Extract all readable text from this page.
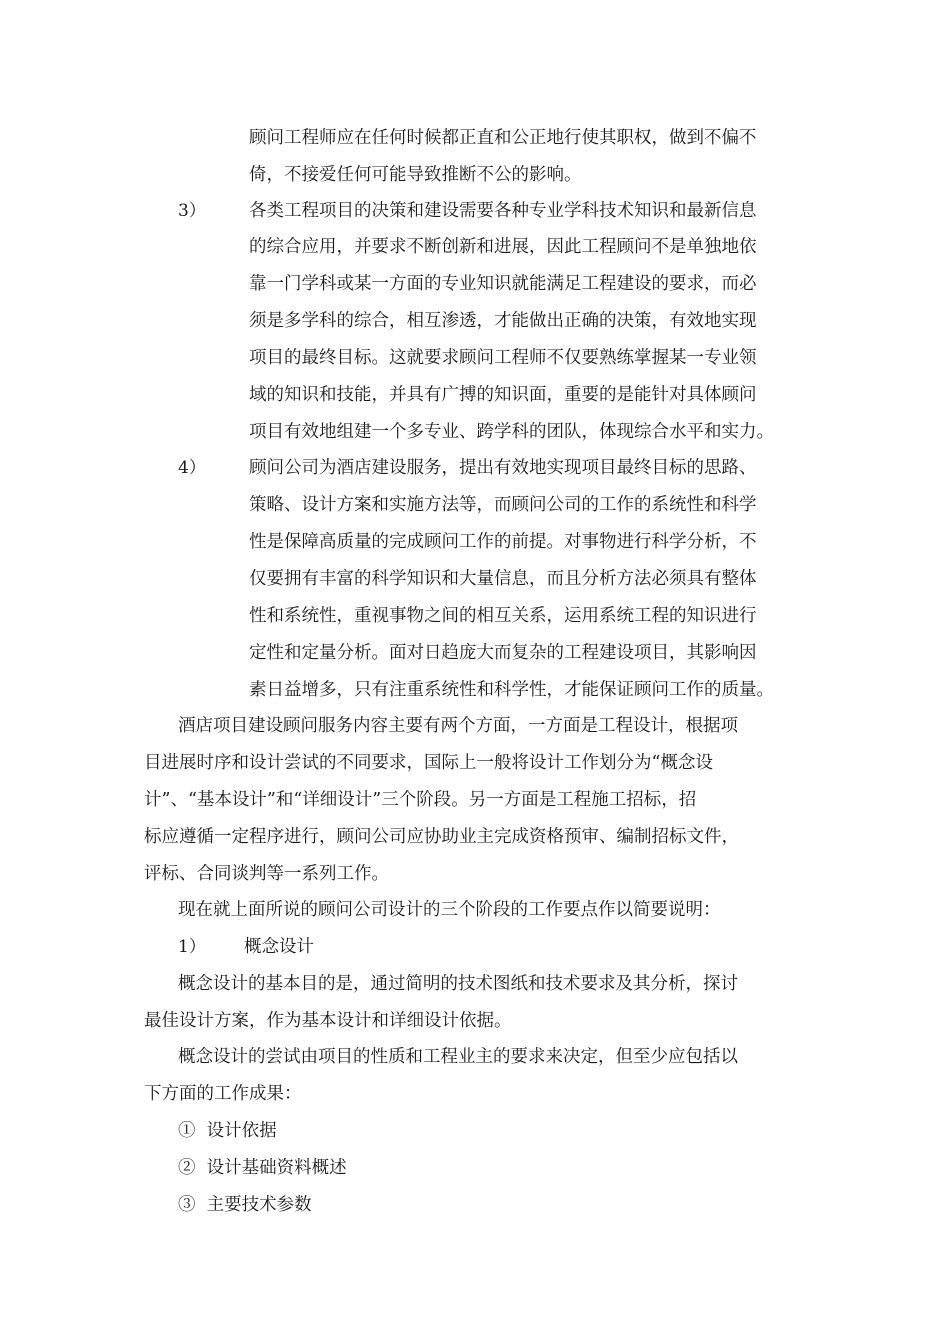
顾问工程师应在任何时候都正直和公正地行使其职权，做到不偏不
倚，不接爱任何可能导致推断不公的影响。
3） 各类工程项目的决策和建设需要各种专业学科技术知识和最新信息
的综合应用，并要求不断创新和进展，因此工程顾问不是单独地依
靠一门学科或某一方面的专业知识就能满足工程建设的要求，而必
须是多学科的综合，相互渗透，才能做出正确的决策，有效地实现
项目的最终目标。这就要求顾问工程师不仅要熟练掌握某一专业领
域的知识和技能，并具有广搏的知识面，重要的是能针对具体顾问
项目有效地组建一个多专业、跨学科的团队，体现综合水平和实力。
4） 顾问公司为酒店建设服务，提出有效地实现项目最终目标的思路、
策略、设计方案和实施方法等，而顾问公司的工作的系统性和科学
性是保障高质量的完成顾问工作的前提。对事物进行科学分析，不
仅要拥有丰富的科学知识和大量信息，而且分析方法必须具有整体
性和系统性，重视事物之间的相互关系，运用系统工程的知识进行
定性和定量分析。面对日趋庞大而复杂的工程建设项目，其影响因
素日益增多，只有注重系统性和科学性，才能保证顾问工作的质量。
酒店项目建设顾问服务内容主要有两个方面，一方面是工程设计，根据项
目进展时序和设计尝试的不同要求，国际上一般将设计工作划分为“概念设
计”、“基本设计”和“详细设计”三个阶段。另一方面是工程施工招标，招
标应遵循一定程序进行，顾问公司应协助业主完成资格预审、编制招标文件，
评标、合同谈判等一系列工作。
现在就上面所说的顾问公司设计的三个阶段的工作要点作以简要说明：
1） 概念设计
概念设计的基本目的是，通过简明的技术图纸和技术要求及其分析，探讨
最佳设计方案，作为基本设计和详细设计依据。
概念设计的尝试由项目的性质和工程业主的要求来决定，但至少应包括以
下方面的工作成果：
①  设计依据
②  设计基础资料概述
③  主要技术参数
